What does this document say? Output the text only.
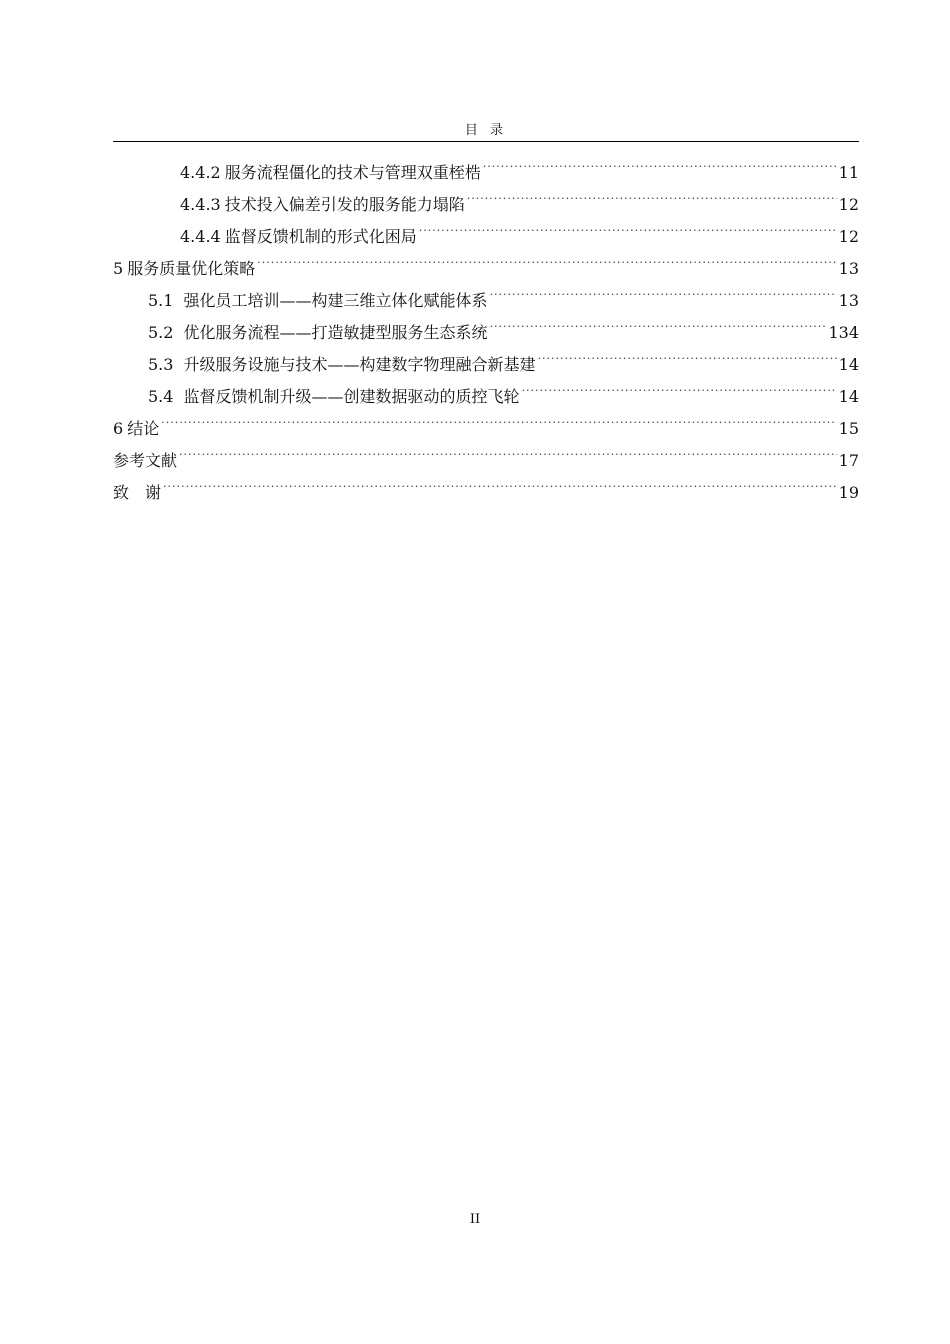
目 录
4.4.2 服务流程僵化的技术与管理双重桎梏 .....	11
4.4.3 技术投入偏差引发的服务能力塌陷 .....	12
4.4.4 监督反馈机制的形式化困局 .....	12
5 服务质量优化策略 .....	13
5.1 强化员工培训——构建三维立体化赋能体系 .....	13
5.2 优化服务流程——打造敏捷型服务生态系统 .....	134
5.3 升级服务设施与技术——构建数字物理融合新基建 .....	14
5.4 监督反馈机制升级——创建数据驱动的质控飞轮 .....	14
6 结论 .....	15
参考文献 .....	17
致　谢 .....	19
II
